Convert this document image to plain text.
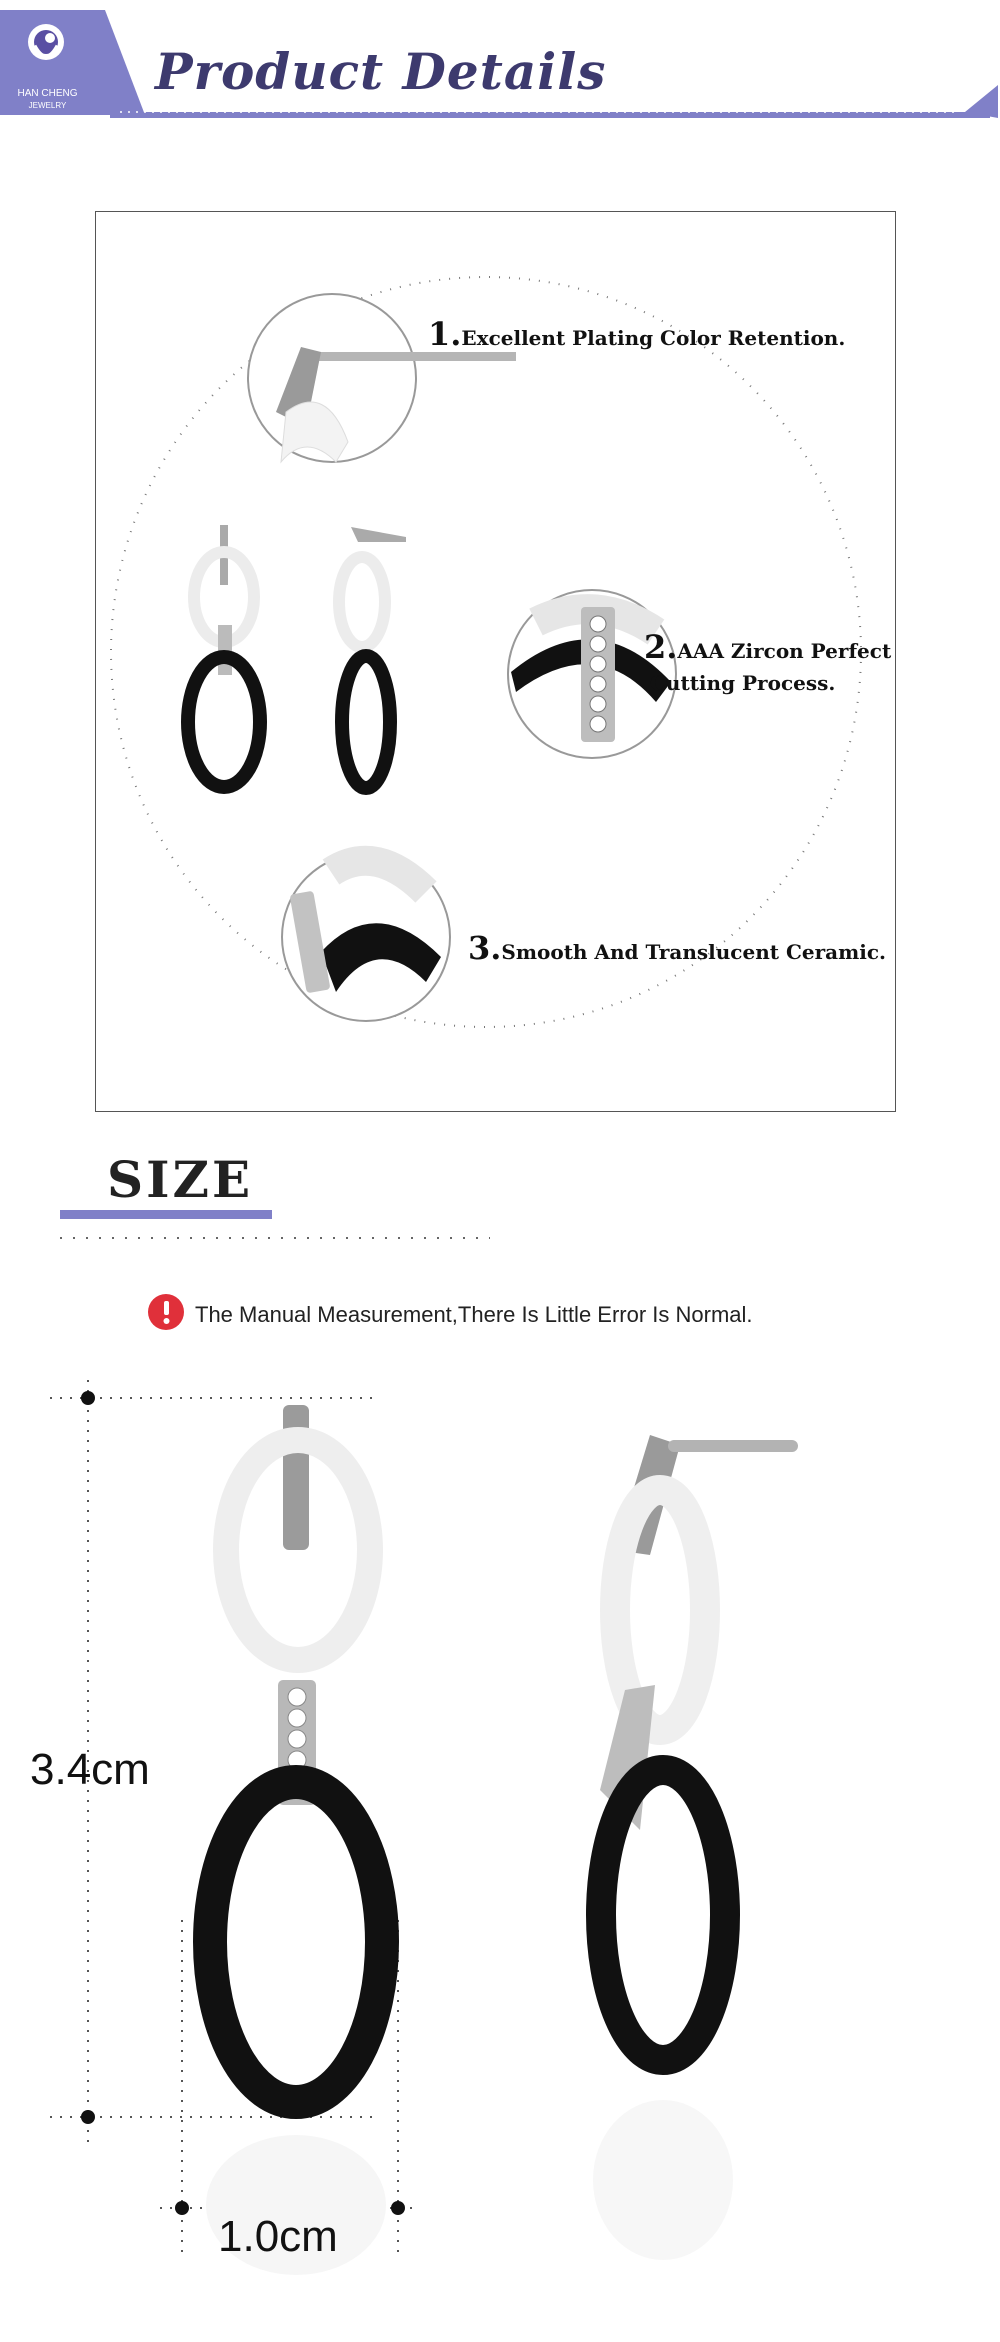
HAN CHENG
JEWELRY
Product Details
1.Excellent Plating Color Retention.
2.AAA Zircon Perfect
Cutting Process.
3.Smooth And Translucent Ceramic.
SIZE
The Manual Measurement,There Is Little Error Is Normal.
3.4cm
1.0cm
